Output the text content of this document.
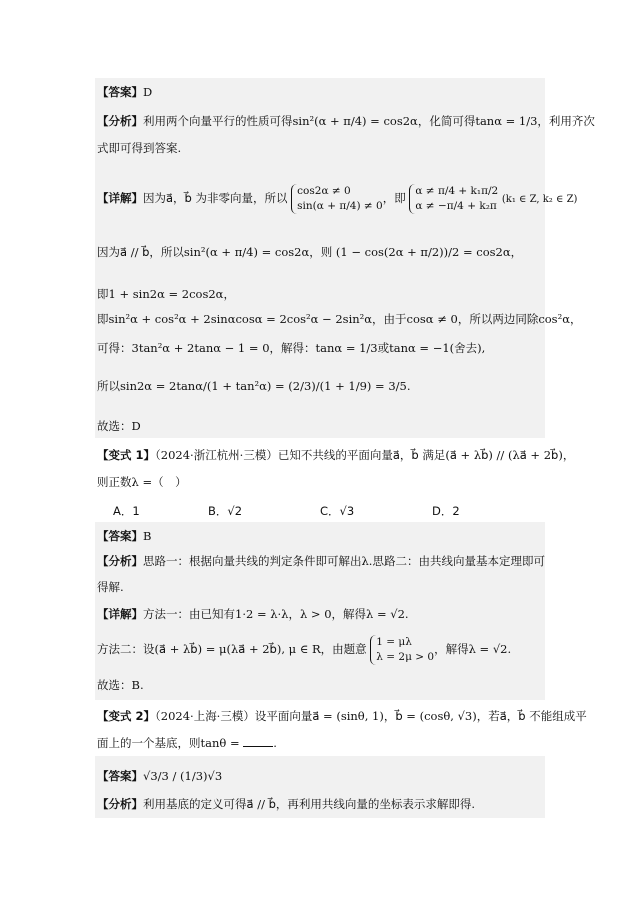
【答案】D
【分析】利用两个向量平行的性质可得sin²(α + π/4) = cos2α，化简可得tanα = 1/3，利用齐次
式即可得到答案.
【详解】因为a⃗，b⃗ 为非零向量，所以 cos2α ≠ 0
sin(α + π/4) ≠ 0
，即 α ≠ π/4 + k₁π/2
α ≠ −π/4 + k₂π
(k₁ ∈ Z, k₂ ∈ Z)
因为a⃗ // b⃗，所以sin²(α + π/4) = cos2α，则 (1 − cos(2α + π/2))/2 = cos2α，
即1 + sin2α = 2cos2α，
即sin²α + cos²α + 2sinαcosα = 2cos²α − 2sin²α，由于cosα ≠ 0，所以两边同除cos²α，
可得：3tan²α + 2tanα − 1 = 0，解得：tanα = 1/3或tanα = −1(舍去),
所以sin2α = 2tanα/(1 + tan²α) = (2/3)/(1 + 1/9) = 3/5.
故选：D
【变式 1】（2024·浙江杭州·三模）已知不共线的平面向量a⃗，b⃗ 满足(a⃗ + λb⃗) // (λa⃗ + 2b⃗)，
则正数λ =（　）
A．1	B．√2	C．√3	D．2
【答案】B
【分析】思路一：根据向量共线的判定条件即可解出λ.思路二：由共线向量基本定理即可
得解.
【详解】方法一：由已知有1·2 = λ·λ，λ > 0，解得λ = √2.
方法二：设(a⃗ + λb⃗) = μ(λa⃗ + 2b⃗), μ ∈ R，由题意 1 = μλ
λ = 2μ > 0
，解得λ = √2.
故选：B.
【变式 2】（2024·上海·三模）设平面向量a⃗ = (sinθ, 1)，b⃗ = (cosθ, √3)，若a⃗，b⃗ 不能组成平
面上的一个基底，则tanθ =	.
【答案】√3/3 / (1/3)√3
【分析】利用基底的定义可得a⃗ // b⃗，再利用共线向量的坐标表示求解即得.
